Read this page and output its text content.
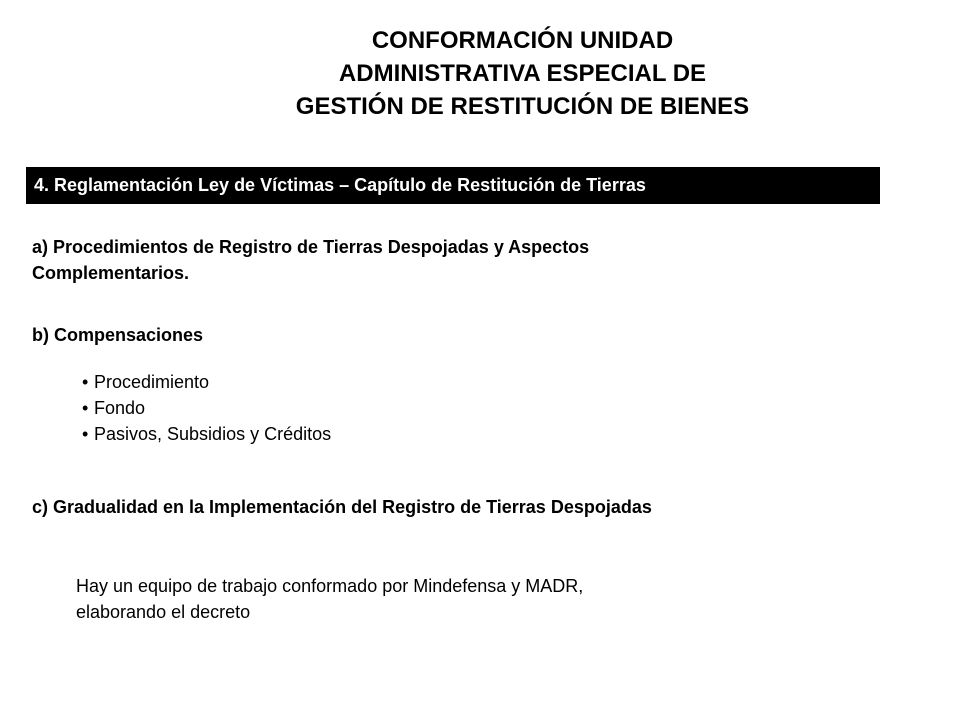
CONFORMACIÓN UNIDAD
ADMINISTRATIVA ESPECIAL DE
GESTIÓN DE RESTITUCIÓN DE BIENES
4. Reglamentación Ley de Víctimas – Capítulo de Restitución de Tierras
a) Procedimientos de Registro de Tierras Despojadas y Aspectos
Complementarios.
b) Compensaciones
• Procedimiento
• Fondo
• Pasivos, Subsidios y Créditos
c) Gradualidad en la Implementación del Registro de Tierras Despojadas
Hay un equipo de trabajo conformado por Mindefensa y MADR,
elaborando el decreto
